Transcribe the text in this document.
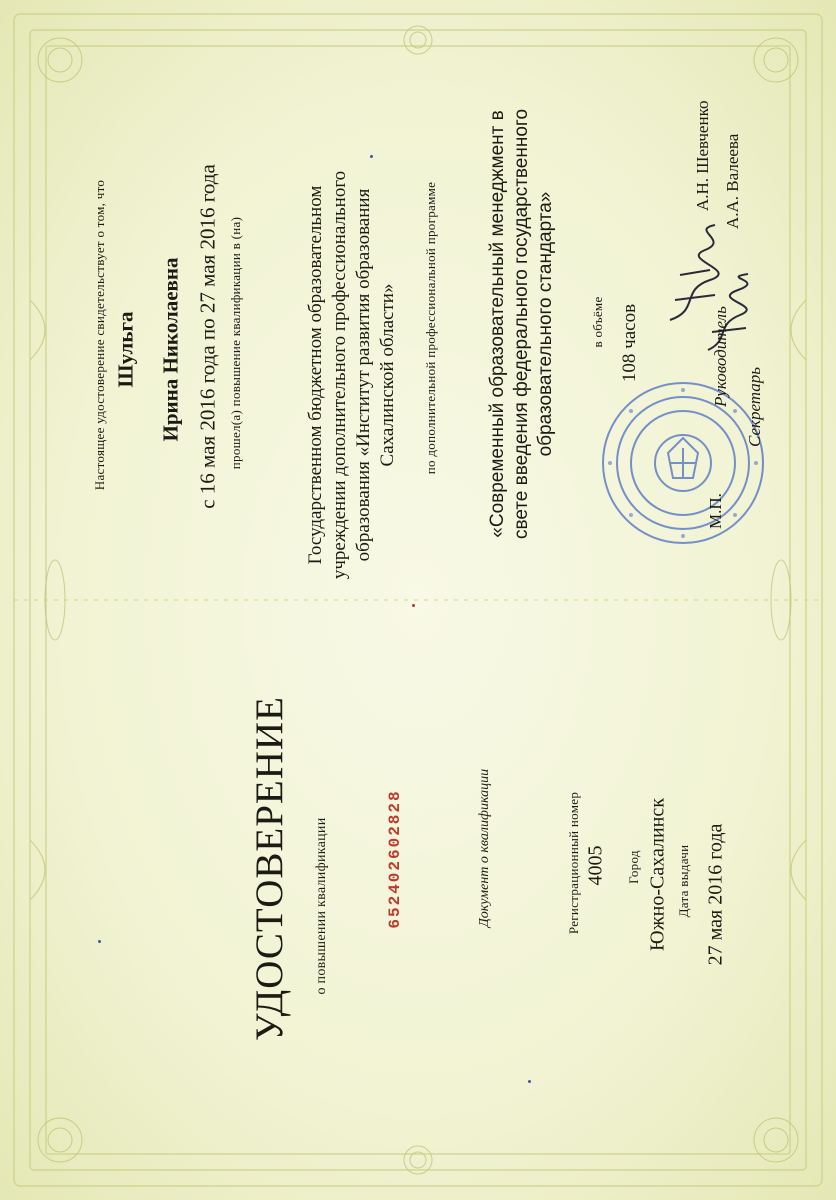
Настоящее удостоверение свидетельствует о том, что Шульга Ирина Николаевна с 16 мая 2016 года по 27 мая 2016 года прошел(а) повышение квалификации в (на)	Государственном бюджетном образовательном учреждении дополнительного профессионального образования «Институт развития образования Сахалинской области» по дополнительной профессиональной программе	«Современный образовательный менеджмент в свете введения федерального государственного образовательного стандарта»	в объёме 108 часов	Руководитель
А.Н. Шевченко
М.П.
Секретарь
А.А. Валеева
УДОСТОВЕРЕНИЕ о повышении квалификации	652402602828	Документ о квалификации	Регистрационный номер 4005 Город Южно-Сахалинск Дата выдачи 27 мая 2016 года
